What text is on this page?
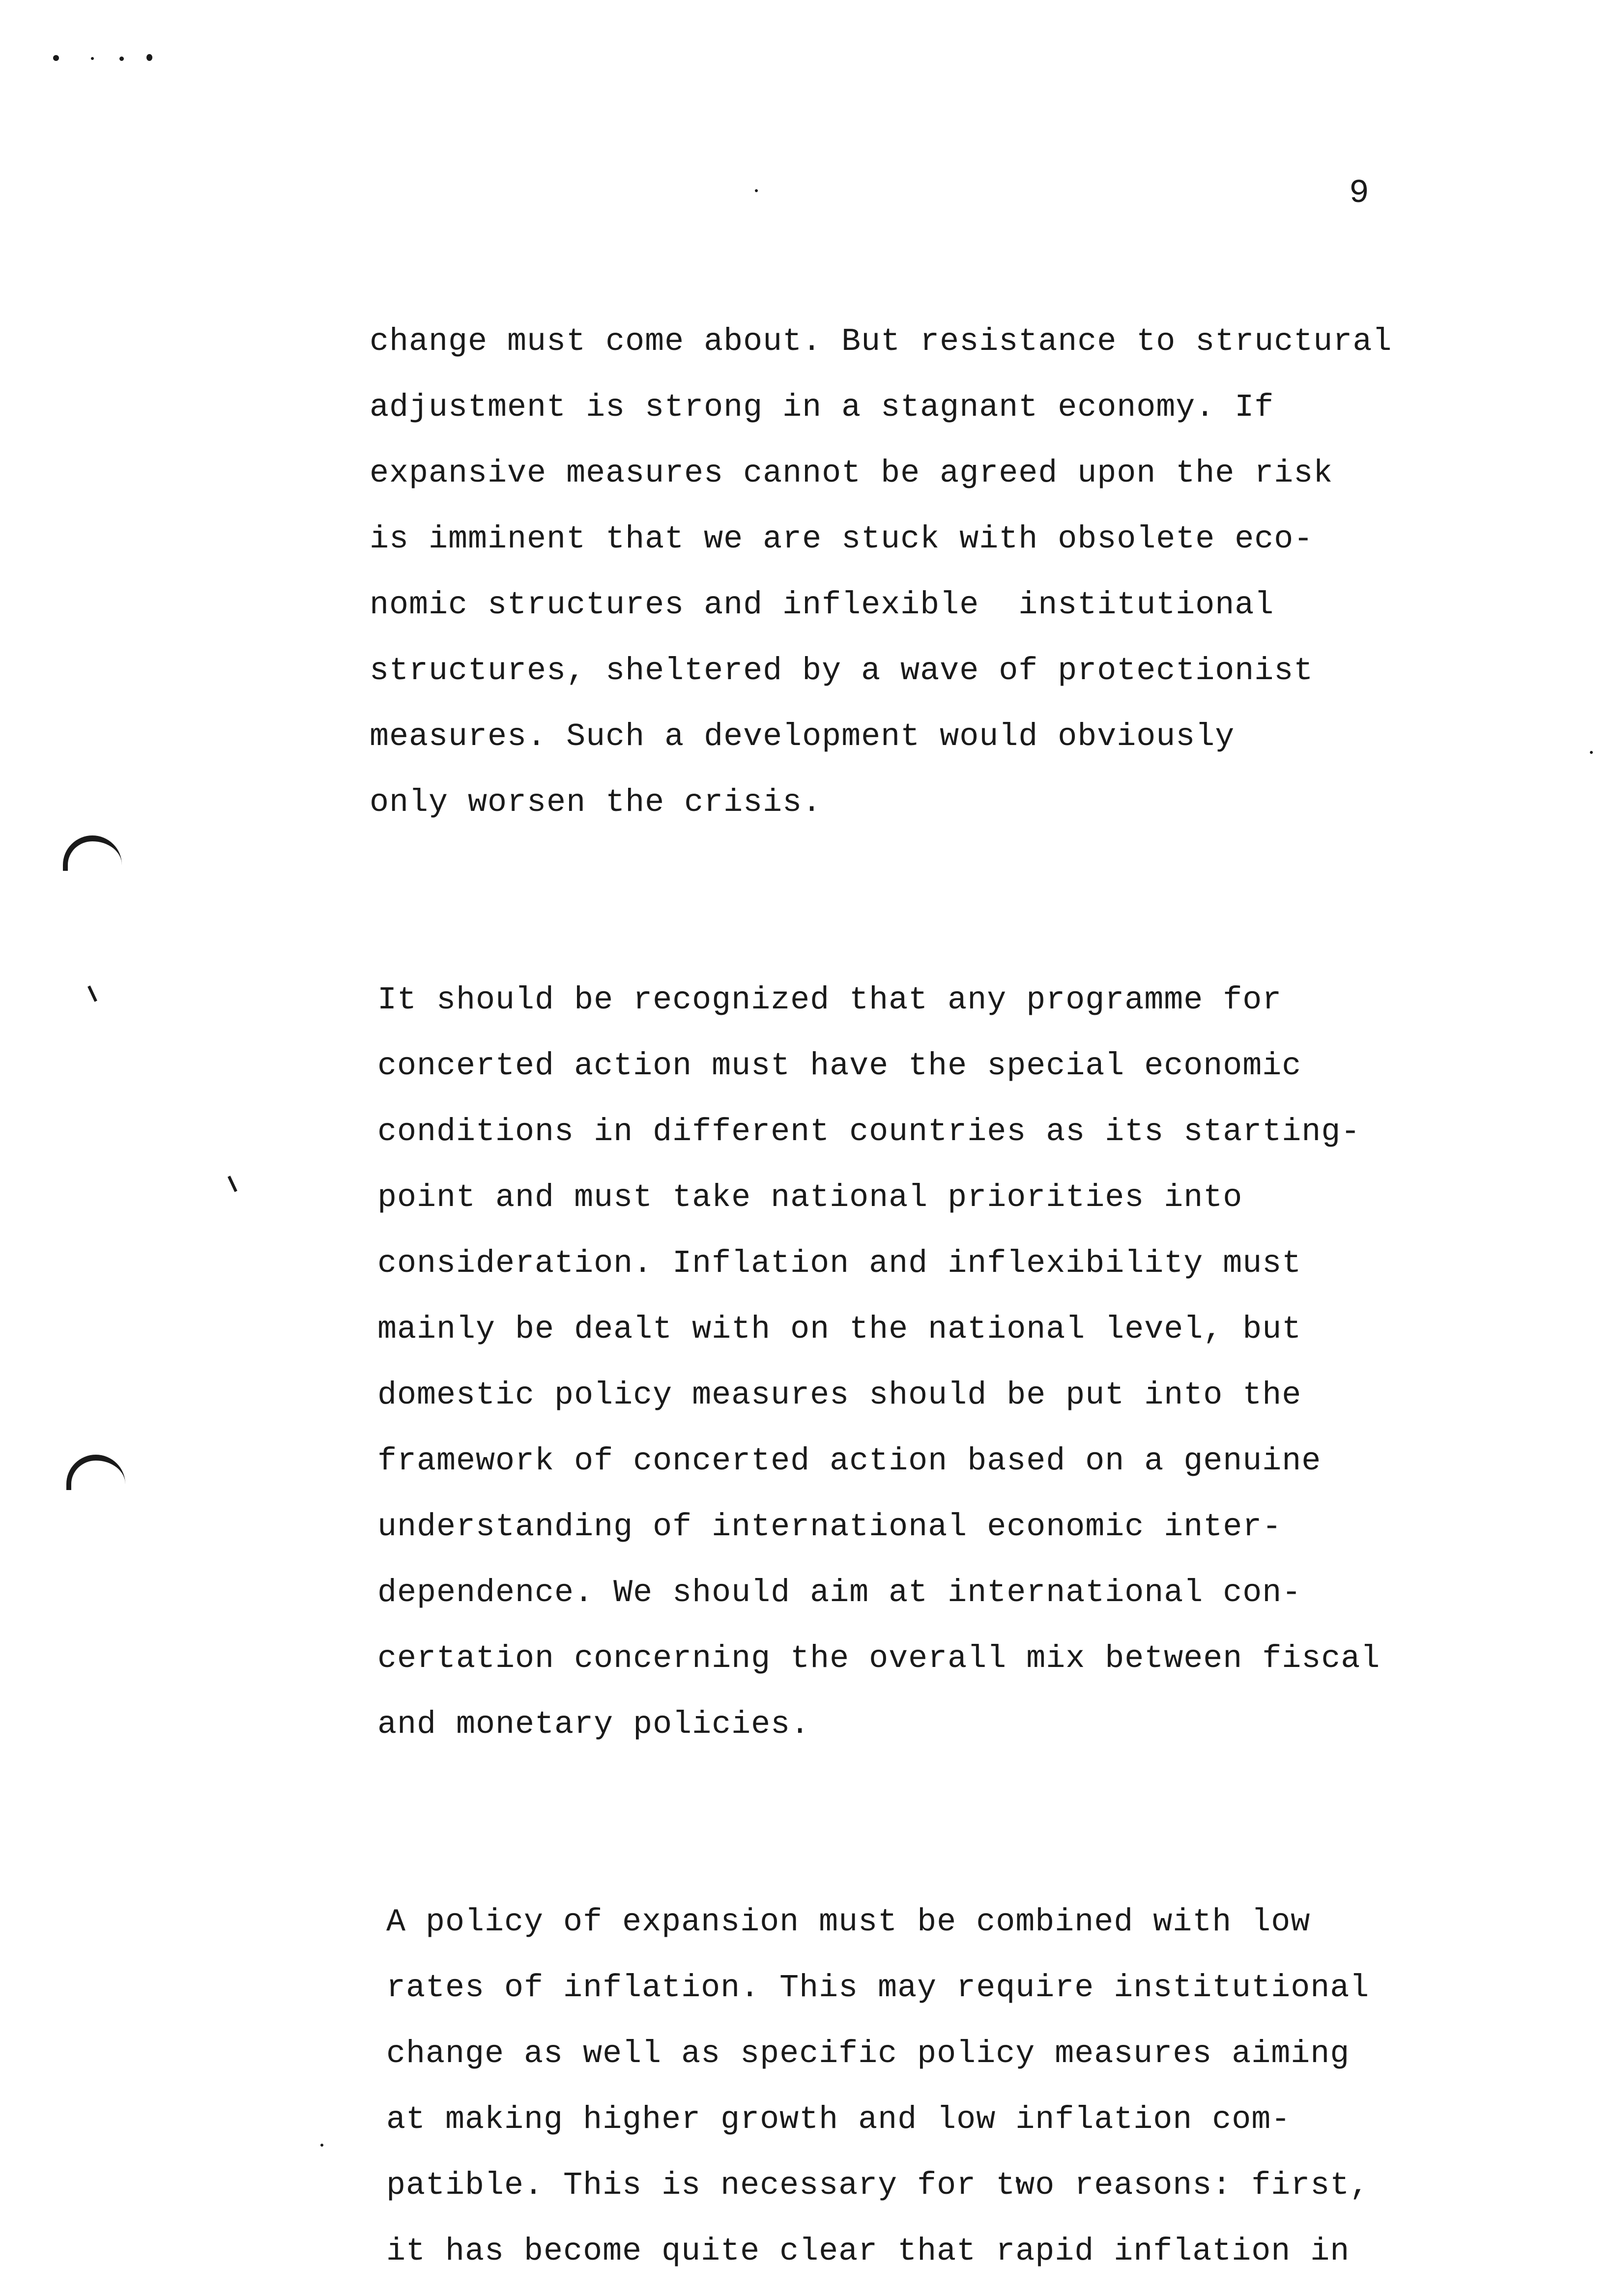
9

change must come about. But resistance to structural
adjustment is strong in a stagnant economy. If
expansive measures cannot be agreed upon the risk
is imminent that we are stuck with obsolete eco-
nomic structures and inflexible  institutional
structures, sheltered by a wave of protectionist
measures. Such a development would obviously
only worsen the crisis.

It should be recognized that any programme for
concerted action must have the special economic
conditions in different countries as its starting-
point and must take national priorities into
consideration. Inflation and inflexibility must
mainly be dealt with on the national level, but
domestic policy measures should be put into the
framework of concerted action based on a genuine
understanding of international economic inter-
dependence. We should aim at international con-
certation concerning the overall mix between fiscal
and monetary policies.

A policy of expansion must be combined with low
rates of inflation. This may require institutional
change as well as specific policy measures aiming
at making higher growth and low inflation com-
patible. This is necessary for two reasons: first,
it has become quite clear that rapid inflation in
